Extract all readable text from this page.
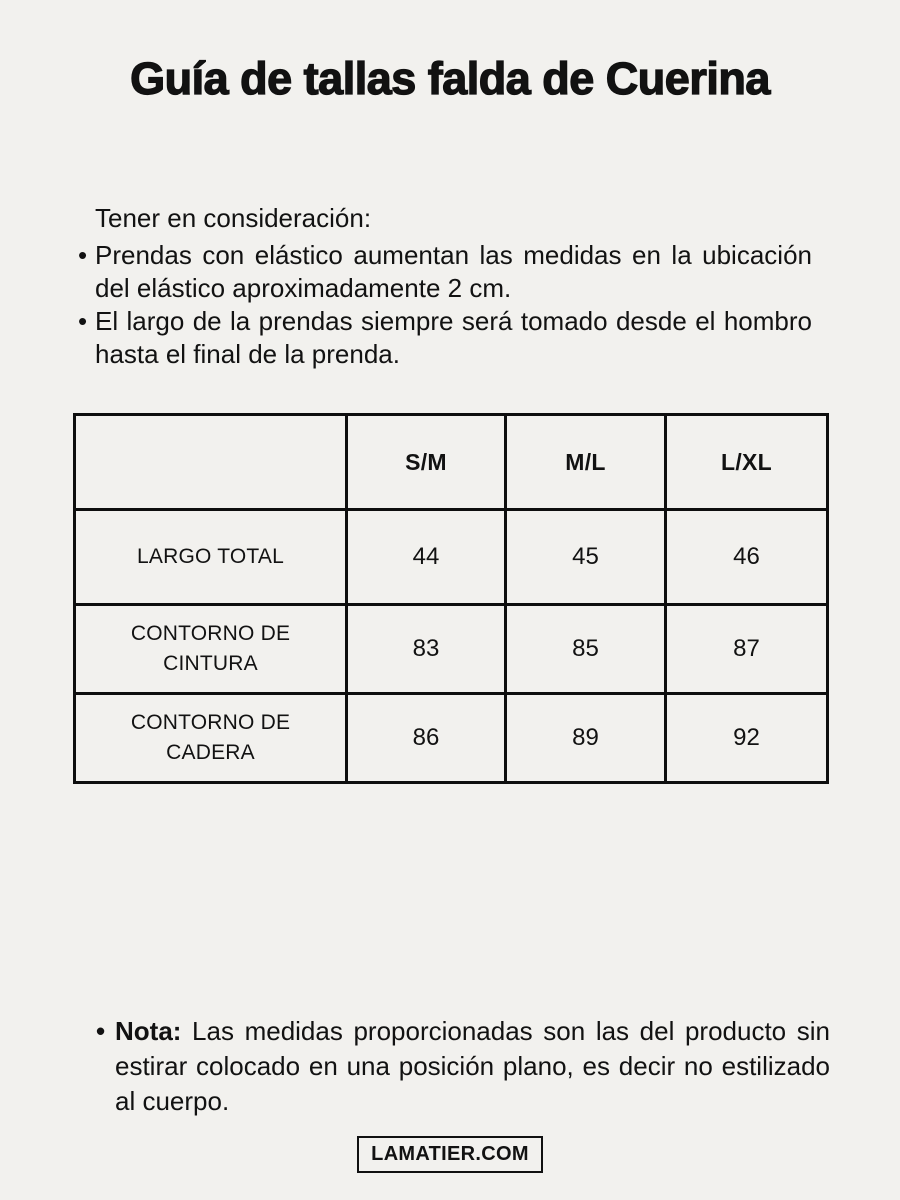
Guía de tallas falda de Cuerina

Tener en consideración:

• Prendas con elástico aumentan las medidas en la ubicación del elástico aproximadamente 2 cm.
• El largo de la prendas siempre será tomado desde el hombro hasta el final de la prenda.
	S/M	M/L	L/XL
LARGO TOTAL	44	45	46
CONTORNO DE CINTURA	83	85	87
CONTORNO DE CADERA	86	89	92

• Nota: Las medidas proporcionadas son las del producto sin estirar colocado en una posición plano, es decir no estilizado al cuerpo.

LAMATIER.COM
